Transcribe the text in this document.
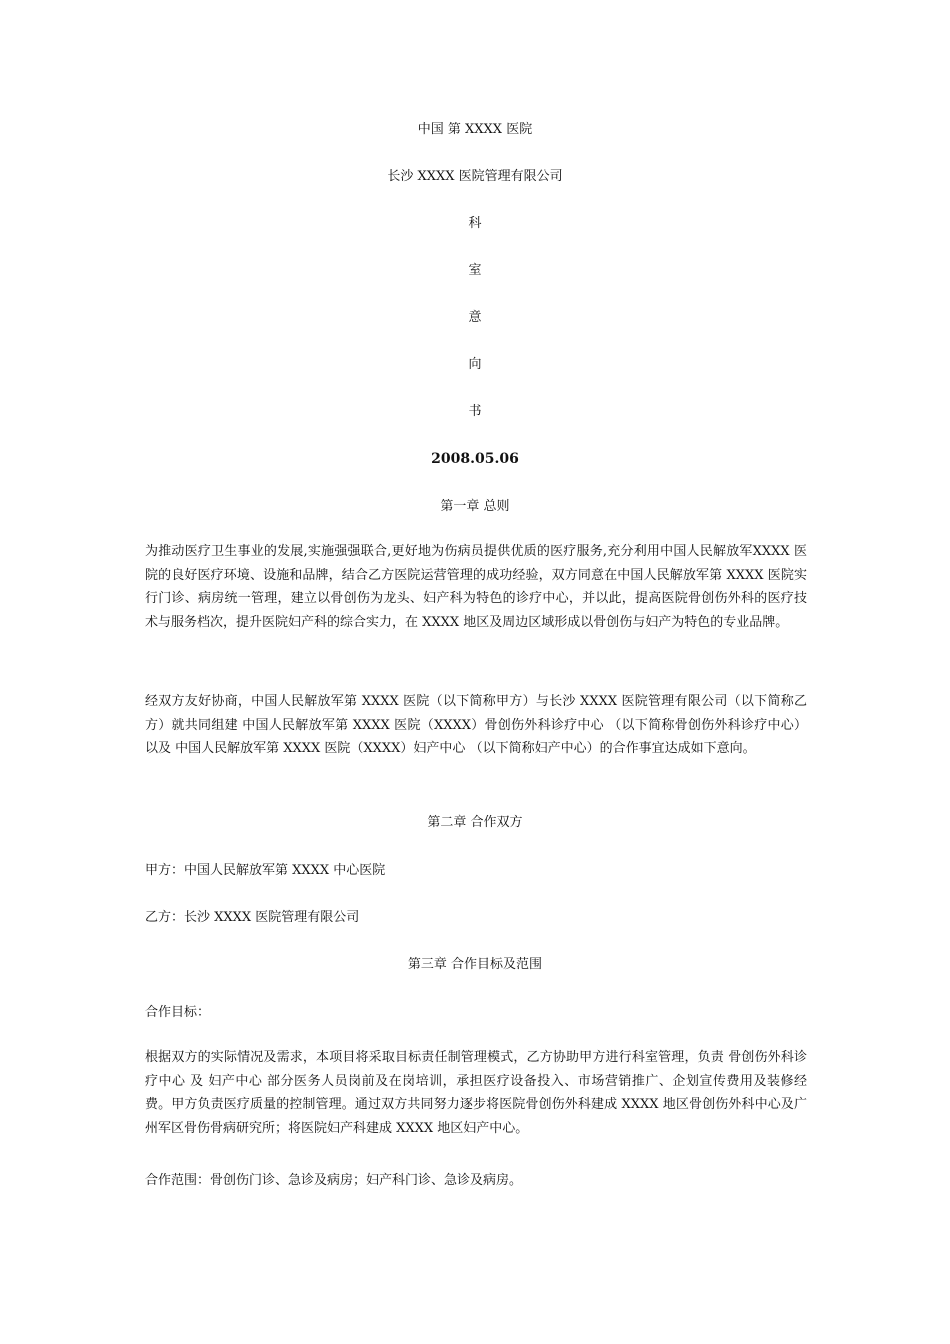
中国 第 XXXX 医院
长沙 XXXX 医院管理有限公司
科
室
意
向
书
2008.05.06
第一章 总则
为推动医疗卫生事业的发展,实施强强联合,更好地为伤病员提供优质的医疗服务,充分利用中国人民解放军XXXX 医院的良好医疗环境、设施和品牌，结合乙方医院运营管理的成功经验，双方同意在中国人民解放军第 XXXX 医院实行门诊、病房统一管理，建立以骨创伤为龙头、妇产科为特色的诊疗中心，并以此，提高医院骨创伤外科的医疗技术与服务档次，提升医院妇产科的综合实力，在 XXXX 地区及周边区域形成以骨创伤与妇产为特色的专业品牌。
经双方友好协商，中国人民解放军第 XXXX 医院（以下简称甲方）与长沙 XXXX 医院管理有限公司（以下简称乙方）就共同组建 中国人民解放军第 XXXX 医院（XXXX）骨创伤外科诊疗中心 （以下简称骨创伤外科诊疗中心）以及 中国人民解放军第 XXXX 医院（XXXX）妇产中心 （以下简称妇产中心）的合作事宜达成如下意向。
第二章 合作双方
甲方：中国人民解放军第 XXXX 中心医院
乙方：长沙 XXXX 医院管理有限公司
第三章 合作目标及范围
合作目标：
根据双方的实际情况及需求，本项目将采取目标责任制管理模式，乙方协助甲方进行科室管理，负责 骨创伤外科诊疗中心 及 妇产中心 部分医务人员岗前及在岗培训，承担医疗设备投入、市场营销推广、企划宣传费用及装修经费。甲方负责医疗质量的控制管理。通过双方共同努力逐步将医院骨创伤外科建成 XXXX 地区骨创伤外科中心及广州军区骨伤骨病研究所；将医院妇产科建成 XXXX 地区妇产中心。
合作范围：骨创伤门诊、急诊及病房；妇产科门诊、急诊及病房。
